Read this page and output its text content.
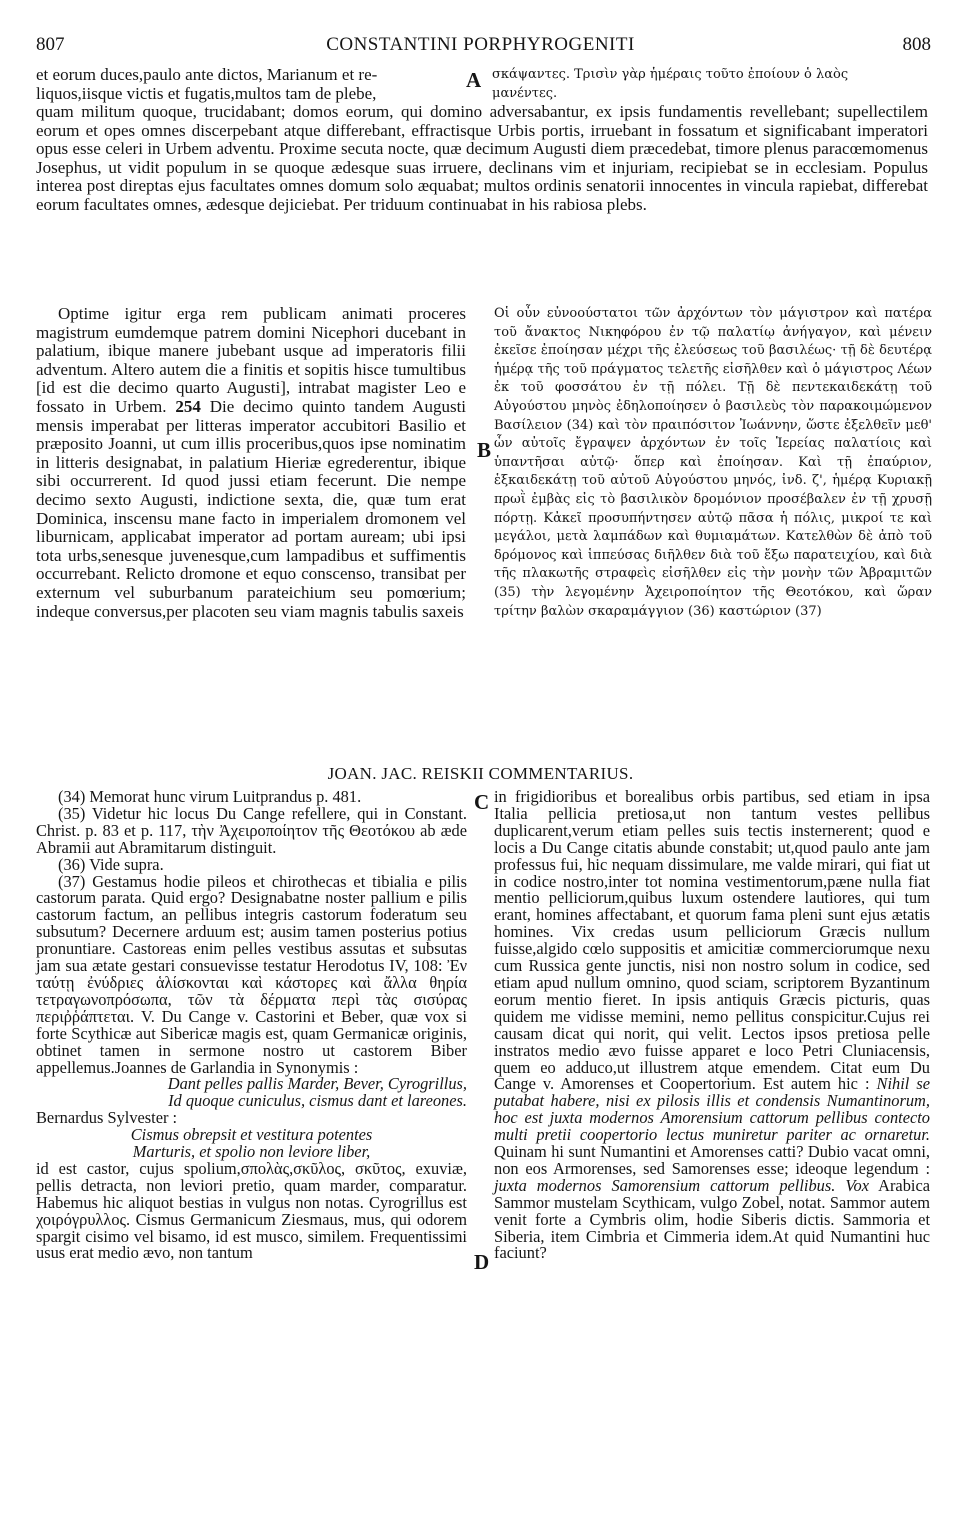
807	CONSTANTINI PORPHYROGENITI	808

et eorum duces,paulo ante dictos, Marianum et re-

liquos,iisque victis et fugatis,multos tam de plebe,

A σκάψαντες. Τρισὶν γὰρ ἡμέραις τοῦτο ἐποίουν ὁ λαὸς

μανέντες.

quam militum quoque, trucidabant; domos eorum, qui domino adversabantur, ex ipsis fundamentis revellebant; supellectilem eorum et opes omnes discerpebant atque differebant, effractisque Urbis portis, irruebant in fossatum et significabant imperatori opus esse celeri in Urbem adventu. Proxime secuta nocte, quæ decimum Augusti diem præcedebat, timore plenus paracœmomenus Josephus, ut vidit populum in se quoque ædesque suas irruere, declinans vim et injuriam, recipiebat se in ecclesiam. Populus interea post direptas ejus facultates omnes domum solo æquabat; multos ordinis senatorii innocentes in vincula rapiebat, differebat eorum facultates omnes, ædesque dejiciebat. Per triduum continuabat in his rabiosa plebs.

Optime igitur erga rem publicam animati proceres magistrum eumdemque patrem domini Nicephori ducebant in palatium, ibique manere jubebant usque ad imperatoris filii adventum. Altero autem die a finitis et sopitis hisce tumultibus [id est die decimo quarto Augusti], intrabat magister Leo e fossato in Urbem. 254 Die decimo quinto tandem Augusti mensis imperabat per litteras imperator accubitori Basilio et præposito Joanni, ut cum illis proceribus,quos ipse nominatim in litteris designabat, in palatium Hieriæ egrederentur, ibique sibi occurrerent. Id quod jussi etiam fecerunt. Die nempe decimo sexto Augusti, indictione sexta, die, quæ tum erat Dominica, inscensu mane facto in imperialem dromonem vel liburnicam, applicabat imperator ad portam auream; ubi ipsi tota urbs,senesque juvenesque,cum lampadibus et suffimentis occurrebant. Relicto dromone et equo conscenso, transibat per externum vel suburbanum parateichium seu pomœrium; indeque conversus,per placoten seu viam magnis tabulis saxeis

B

Οἱ οὖν εὐνοούστατοι τῶν ἀρχόντων τὸν μάγιστρον καὶ πατέρα τοῦ ἄνακτος Νικηφόρου ἐν τῷ παλατίῳ ἀνήγαγον, καὶ μένειν ἐκεῖσε ἐποίησαν μέχρι τῆς ἐλεύσεως τοῦ βασιλέως· τῇ δὲ δευτέρᾳ ἡμέρᾳ τῆς τοῦ πράγματος τελετῆς εἰσῆλθεν καὶ ὁ μάγιστρος Λέων ἐκ τοῦ φοσσάτου ἐν τῇ πόλει. Τῇ δὲ πεντεκαιδεκάτῃ τοῦ Αὐγούστου μηνὸς ἐδηλοποίησεν ὁ βασιλεὺς τὸν παρακοιμώμενον Βασίλειον (34) καὶ τὸν πραιπόσιτον Ἰωάννην, ὥστε ἐξελθεῖν μεθ' ὧν αὐτοῖς ἔγραψεν ἀρχόντων ἐν τοῖς Ἱερείας παλατίοις καὶ ὑπαντῆσαι αὐτῷ· ὅπερ καὶ ἐποίησαν. Καὶ τῇ ἐπαύριον, ἑξκαιδεκάτῃ τοῦ αὐτοῦ Αὐγούστου μηνός, ἰνδ. ζ', ἡμέρᾳ Κυριακῇ πρωῒ ἐμβὰς εἰς τὸ βασιλικὸν δρομόνιον προσέβαλεν ἐν τῇ χρυσῇ πόρτῃ. Κἀκεῖ προσυπήντησεν αὐτῷ πᾶσα ἡ πόλις, μικροί τε καὶ μεγάλοι, μετὰ λαμπάδων καὶ θυμιαμάτων. Κατελθὼν δὲ ἀπὸ τοῦ δρόμονος καὶ ἱππεύσας διῆλθεν διὰ τοῦ ἔξω παρατειχίου, καὶ διὰ τῆς πλακωτῆς στραφεὶς εἰσῆλθεν εἰς τὴν μονὴν τῶν Ἀβραμιτῶν (35) τὴν λεγομένην Ἀχειροποίητον τῆς Θεοτόκου, καὶ ὥραν τρίτην βαλὼν σκαραμάγγιον (36) καστώριον (37)

JOAN. JAC. REISKII COMMENTARIUS.

(34) Memorat hunc virum Luitprandus p. 481.

(35) Videtur hic locus Du Cange refellere, qui in Constant. Christ. p. 83 et p. 117, τὴν Ἀχειροποίητον τῆς Θεοτόκου ab æde Abramii aut Abramitarum distinguit.

(36) Vide supra.

(37) Gestamus hodie pileos et chirothecas et tibialia e pilis castorum parata. Quid ergo? Designabatne noster pallium e pilis castorum factum, an pellibus integris castorum foderatum seu subsutum? Decernere arduum est; ausim tamen posterius potius pronuntiare. Castoreas enim pelles vestibus assutas et subsutas jam sua ætate gestari consuevisse testatur Herodotus IV, 108: Ἐν ταύτῃ ἐνύδριες ἁλίσκονται καὶ κάστορες καὶ ἄλλα θηρία τετραγωνοπρόσωπα, τῶν τὰ δέρματα περὶ τὰς σισύρας περιῤῥάπτεται. V. Du Cange v. Castorini et Beber, quæ vox si forte Scythicæ aut Sibericæ magis est, quam Germanicæ originis, obtinet tamen in sermone nostro ut castorem Biber appellemus.Joannes de Garlandia in Synonymis :

Dant pelles pallis Marder, Bever, Cyrogrillus,

Id quoque cuniculus, cismus dant et lareones.

Bernardus Sylvester :

Cismus obrepsit et vestitura potentes

Marturis, et spolio non leviore liber,

id est castor, cujus spolium,σπολὰς,σκῦλος, σκῦτος, exuviæ, pellis detracta, non leviori pretio, quam marder, comparatur. Habemus hic aliquot bestias in vulgus non notas. Cyrogrillus est χοιρόγρυλλος. Cismus Germanicum Ziesmaus, mus, qui odorem spargit cisimo vel bisamo, id est musco, similem. Frequentissimi usus erat medio ævo, non tantum

C
D

in frigidioribus et borealibus orbis partibus, sed etiam in ipsa Italia pellicia pretiosa,ut non tantum vestes pellibus duplicarent,verum etiam pelles suis tectis insternerent; quod e locis a Du Cange citatis abunde constabit; ut,quod paulo ante jam professus fui, hic nequam dissimulare, me valde mirari, qui fiat ut in codice nostro,inter tot nomina vestimentorum,pæne nulla fiat mentio pelliciorum,quibus luxum ostendere lautiores, qui tum erant, homines affectabant, et quorum fama pleni sunt ejus ætatis homines. Vix credas usum pelliciorum Græcis nullum fuisse,algido cœlo suppositis et amicitiæ commerciorumque nexu cum Russica gente junctis, nisi non nostro solum in codice, sed etiam apud nullum omnino, quod sciam, scriptorem Byzantinum eorum mentio fieret. In ipsis antiquis Græcis picturis, quas quidem me vidisse memini, nemo pellitus conspicitur.Cujus rei causam dicat qui norit, qui velit. Lectos ipsos pretiosa pelle instratos medio ævo fuisse apparet e loco Petri Cluniacensis, quem eo adduco,ut illustrem atque emendem. Citat eum Du Cange v. Amorenses et Coopertorium. Est autem hic : Nihil se putabat habere, nisi ex pilosis illis et condensis Numantinorum, hoc est juxta modernos Amorensium cattorum pellibus contecto multi pretii coopertorio lectus muniretur pariter ac ornaretur. Quinam hi sunt Numantini et Amorenses catti? Dubio vacat omni, non eos Armorenses, sed Samorenses esse; ideoque legendum : juxta modernos Samorensium cattorum pellibus. Vox Arabica Sammor mustelam Scythicam, vulgo Zobel, notat. Sammor autem venit forte a Cymbris olim, hodie Siberis dictis. Sammoria et Siberia, item Cimbria et Cimmeria idem.At quid Numantini huc faciunt?
